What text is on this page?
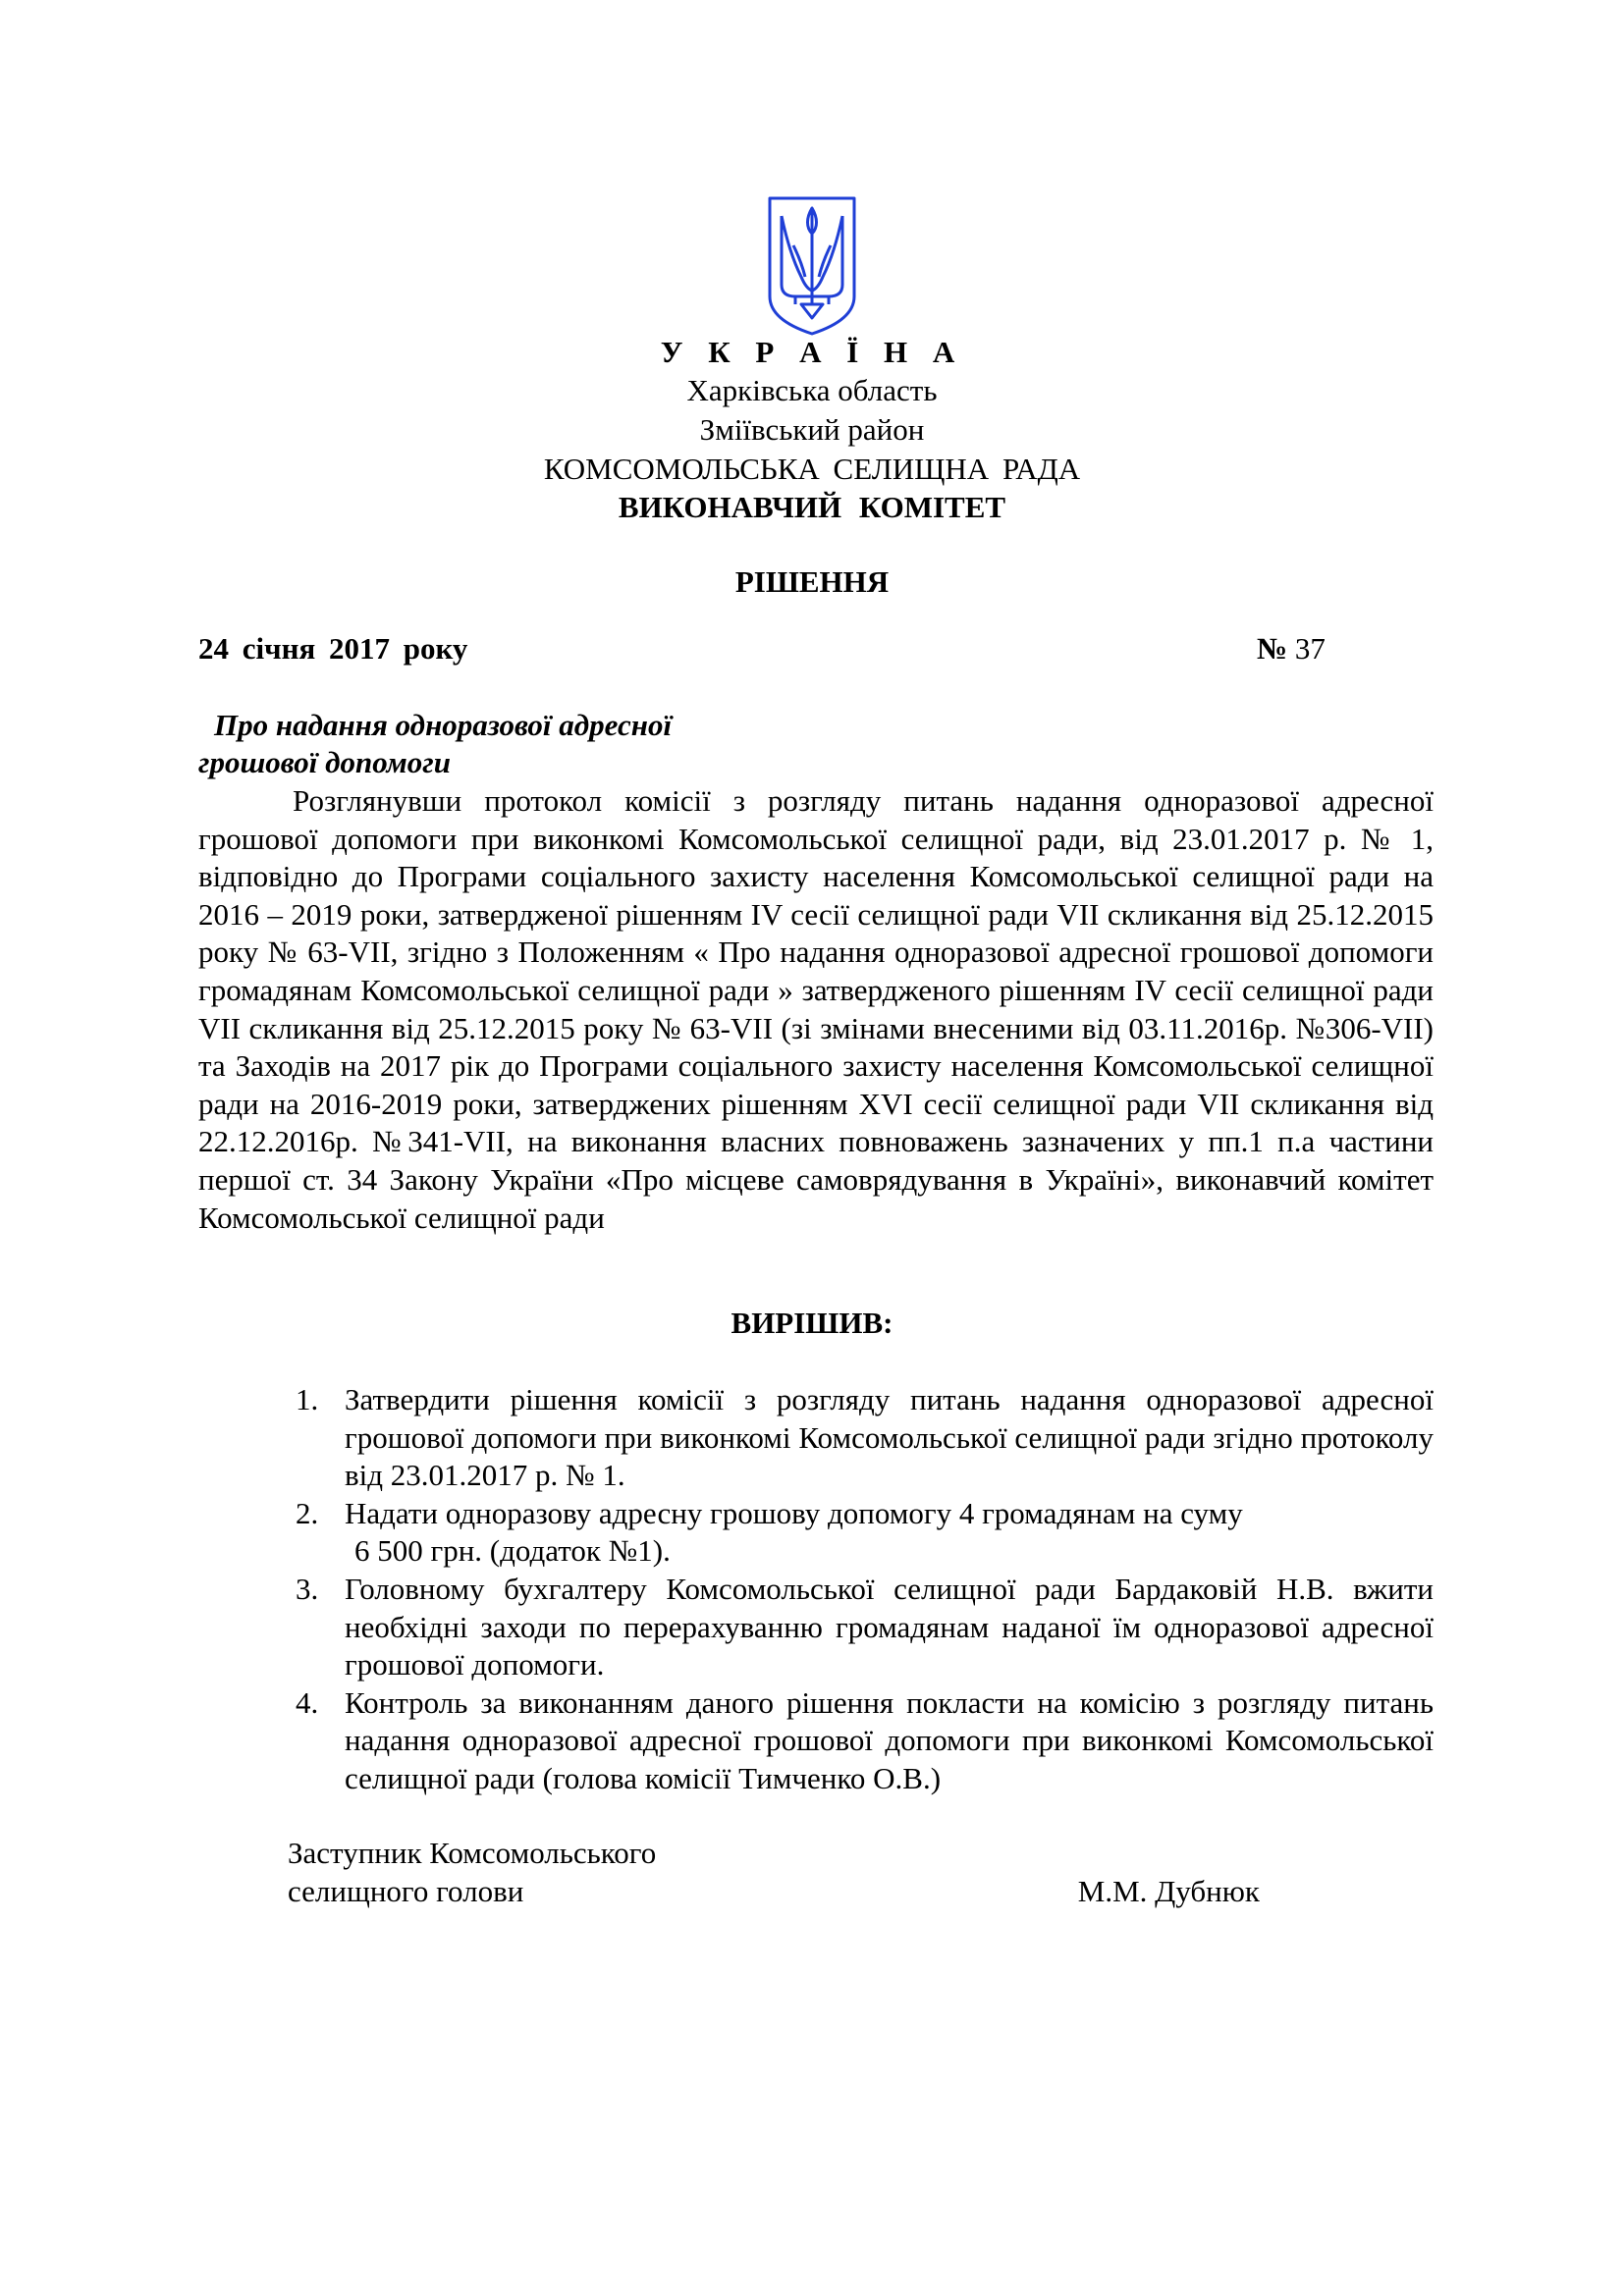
У К Р А Ї Н А
Харківська область
Зміївський район
КОМСОМОЛЬСЬКА СЕЛИЩНА РАДА
ВИКОНАВЧИЙ КОМІТЕТ
РІШЕННЯ
24 січня 2017 року	№ 37
Про надання одноразової адресної
грошової допомоги
Розглянувши протокол комісії з розгляду питань надання одноразової адресної грошової допомоги при виконкомі Комсомольської селищної ради, від 23.01.2017 р. № 1, відповідно до Програми соціального захисту населення Комсомольської селищної ради на 2016 – 2019 роки, затвердженої рішенням IV сесії селищної ради VII скликання від 25.12.2015 року № 63-VII, згідно з Положенням « Про надання одноразової адресної грошової допомоги громадянам Комсомольської селищної ради » затвердженого рішенням IV сесії селищної ради VII скликання від 25.12.2015 року № 63-VII (зі змінами внесеними від 03.11.2016р. №306-VII) та Заходів на 2017 рік до Програми соціального захисту населення Комсомольської селищної ради на 2016-2019 роки, затверджених рішенням XVI сесії селищної ради VII скликання від 22.12.2016р. №341-VII, на виконання власних повноважень зазначених у пп.1 п.а частини першої ст. 34 Закону України «Про місцеве самоврядування в Україні», виконавчий комітет Комсомольської селищної ради
ВИРІШИВ:
1. Затвердити рішення комісії з розгляду питань надання одноразової адресної грошової допомоги при виконкомі Комсомольської селищної ради згідно протоколу від 23.01.2017 р. № 1.
2. Надати одноразову адресну грошову допомогу 4 громадянам на суму
6 500 грн. (додаток №1).
3. Головному бухгалтеру Комсомольської селищної ради Бардаковій Н.В. вжити необхідні заходи по перерахуванню громадянам наданої їм одноразової адресної грошової допомоги.
4. Контроль за виконанням даного рішення покласти на комісію з розгляду питань надання одноразової адресної грошової допомоги при виконкомі Комсомольської селищної ради (голова комісії Тимченко О.В.)
Заступник Комсомольського
селищного голови	М.М. Дубнюк
